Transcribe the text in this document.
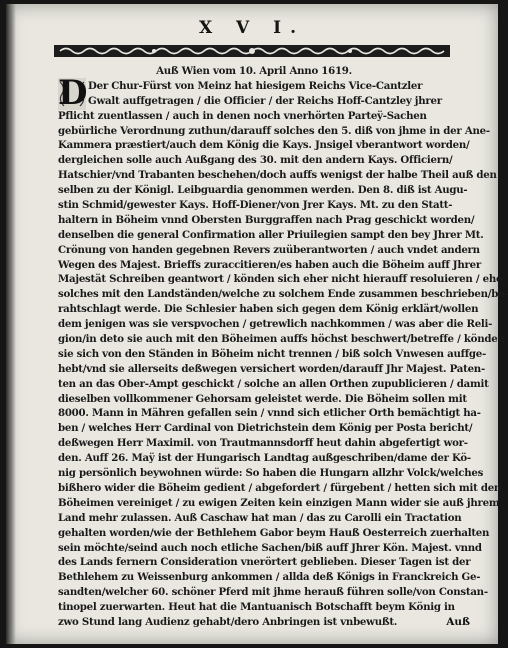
X V I.
D
Auß Wien vom 10. April Anno 1619.
Der Chur-Fürst von Meinz hat hiesigem Reichs Vice-Cantzler
Gwalt auffgetragen / die Officier / der Reichs Hoff-Cantzley jhrer
Pflicht zuentlassen / auch in denen noch vnerhörten Parteÿ-Sachen
gebürliche Verordnung zuthun/darauff solches den 5. diß von jhme in der Ane-
Kammera præstiert/auch dem König die Kays. Jnsigel vberantwort worden/
dergleichen solle auch Außgang des 30. mit den andern Kays. Officiern/
Hatschier/vnd Trabanten beschehen/doch auffs wenigst der halbe Theil auß den
selben zu der Königl. Leibguardia genommen werden. Den 8. diß ist Augu-
stin Schmid/gewester Kays. Hoff-Diener/von Jrer Kays. Mt. zu den Statt-
haltern in Böheim vnnd Obersten Burggraffen nach Prag geschickt worden/
denselben die general Confirmation aller Priuilegien sampt den bey Jhrer Mt.
Crönung von handen gegebnen Revers zuüberantworten / auch vndet andern
Wegen des Majest. Brieffs zuraccitieren/es haben auch die Böheim auff Jhrer
Majestät Schreiben geantwort / könden sich eher nicht hierauff resoluieren / ehe
solches mit den Landständen/welche zu solchem Ende zusammen beschrieben/be-
rahtschlagt werde. Die Schlesier haben sich gegen dem König erklärt/wollen
dem jenigen was sie verspvochen / getrewlich nachkommen / was aber die Reli-
gion/in deto sie auch mit den Böheimen auffs höchst beschwert/betreffe / könden
sie sich von den Ständen in Böheim nicht trennen / biß solch Vnwesen auffge-
hebt/vnd sie allerseits deßwegen versichert worden/darauff Jhr Majest. Paten-
ten an das Ober-Ampt geschickt / solche an allen Orthen zupublicieren / damit
dieselben vollkommener Gehorsam geleistet werde. Die Böheim sollen mit
8000. Mann in Mähren gefallen sein / vnnd sich etlicher Orth bemächtigt ha-
ben / welches Herr Cardinal von Dietrichstein dem König per Posta bericht/
deßwegen Herr Maximil. von Trautmannsdorff heut dahin abgefertigt wor-
den. Auff 26. Maÿ ist der Hungarisch Landtag außgeschriben/dame der Kö-
nig persönlich beywohnen würde: So haben die Hungarn allzhr Volck/welches
bißhero wider die Böheim gedient / abgefordert / fürgebent / hetten sich mit den
Böheimen vereiniget / zu ewigen Zeiten kein einzigen Mann wider sie auß jhrem
Land mehr zulassen. Auß Caschaw hat man / das zu Carolli ein Tractation
gehalten worden/wie der Bethlehem Gabor beym Hauß Oesterreich zuerhalten
sein möchte/seind auch noch etliche Sachen/biß auff Jhrer Kön. Majest. vnnd
des Lands fernern Consideration vnerörtert geblieben. Dieser Tagen ist der
Bethlehem zu Weissenburg ankommen / allda deß Königs in Franckreich Ge-
sandten/welcher 60. schöner Pferd mit jhme herauß führen solle/von Constan-
tinopel zuerwarten. Heut hat die Mantuanisch Botschafft beym König in
zwo Stund lang Audienz gehabt/dero Anbringen ist vnbewußt.	Auß
